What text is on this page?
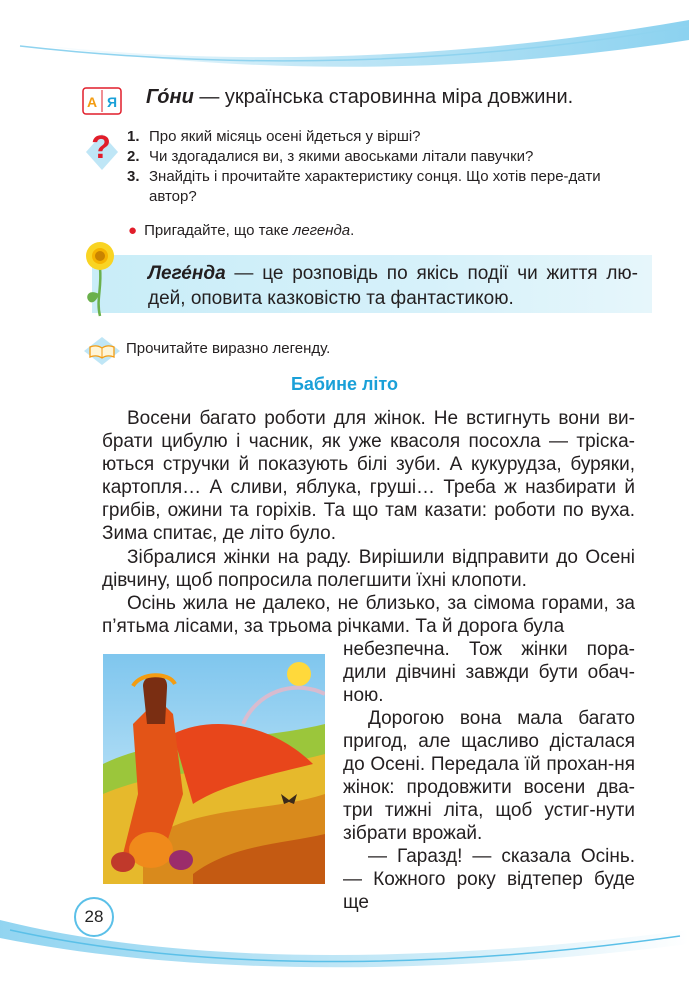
А Я Го́ни — українська старовинна міра довжини.
? 1. Про який місяць осені йдеться у вірші?
2. Чи здогадалися ви, з якими авоськами літали павучки?
3. Знайдіть і прочитайте характеристику сонця. Що хотів пере-дати автор?
● Пригадайте, що таке легенда.
Леге́нда — це розповідь по якісь події чи життя лю-дей, оповита казковістю та фантастикою.
Прочитайте виразно легенду.
Бабине літо
Восени багато роботи для жінок. Не встигнуть вони ви-брати цибулю і часник, як уже квасоля посохла — тріска-ються стручки й показують білі зуби. А кукурудза, буряки, картопля… А сливи, яблука, груші… Треба ж назбирати й грибів, ожини та горіхів. Та що там казати: роботи по вуха. Зима спитає, де літо було.
Зібралися жінки на раду. Вирішили відправити до Осені дівчину, щоб попросила полегшити їхні клопоти.
Осінь жила не далеко, не близько, за сімома горами, за п’ятьма лісами, за трьома річками. Та й дорога була
небезпечна. Тож жінки пора-дили дівчині завжди бути обач-ною.
Дорогою вона мала багато пригод, але щасливо дісталася до Осені. Передала їй прохан-ня жінок: продовжити восени два-три тижні літа, щоб устиг-нути зібрати врожай.
— Гаразд! — сказала Осінь. — Кожного року відтепер буде ще
28
